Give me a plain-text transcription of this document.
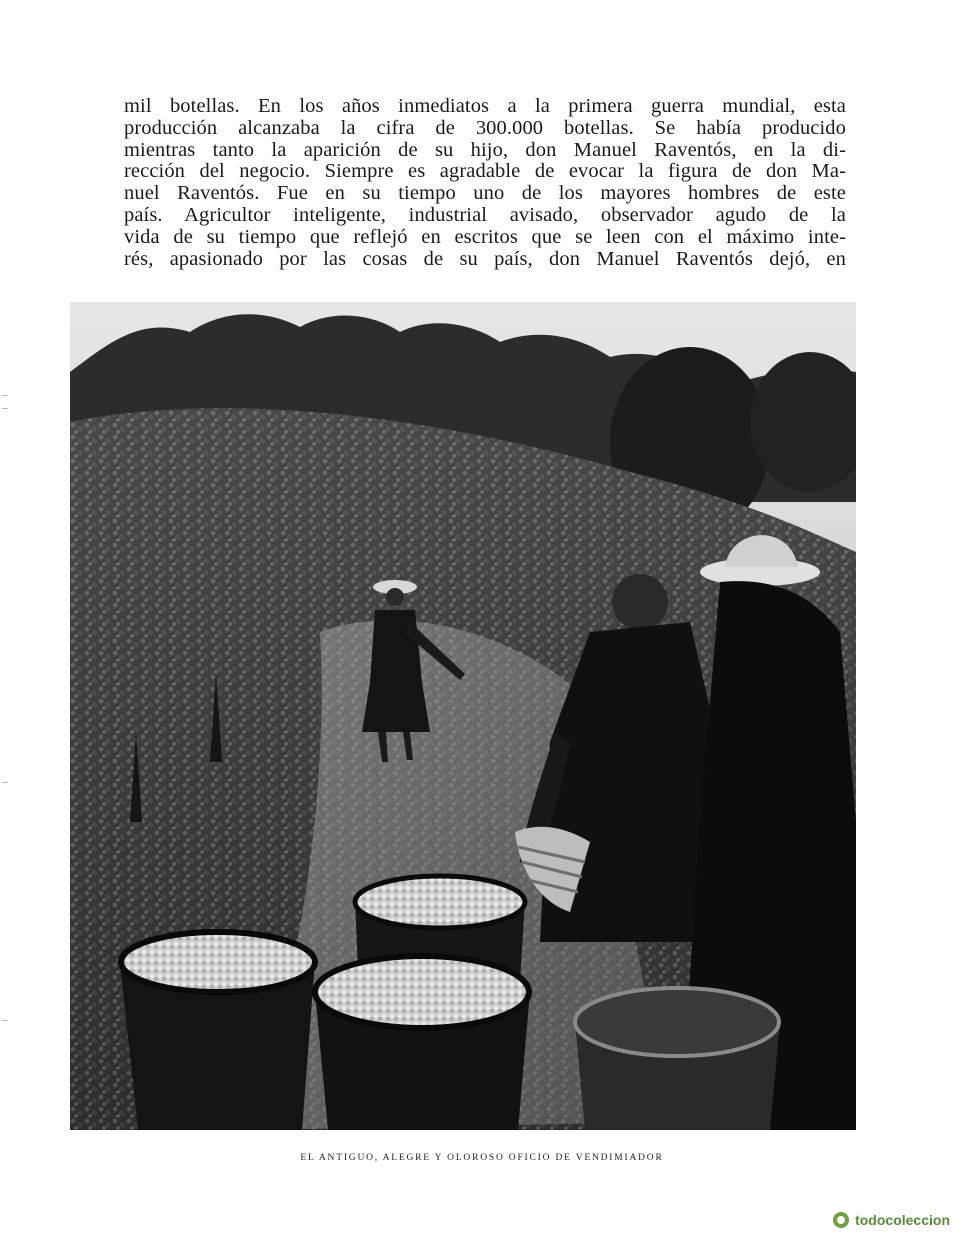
mil botellas. En los años inmediatos a la primera guerra mundial, esta
producción alcanzaba la cifra de 300.000 botellas. Se había producido
mientras tanto la aparición de su hijo, don Manuel Raventós, en la di-
rección del negocio. Siempre es agradable de evocar la figura de don Ma-
nuel Raventós. Fue en su tiempo uno de los mayores hombres de este
país. Agricultor inteligente, industrial avisado, observador agudo de la
vida de su tiempo que reflejó en escritos que se leen con el máximo inte-
rés, apasionado por las cosas de su país, don Manuel Raventós dejó, en
EL ANTIGUO, ALEGRE Y OLOROSO OFICIO DE VENDIMIADOR
todocoleccion
